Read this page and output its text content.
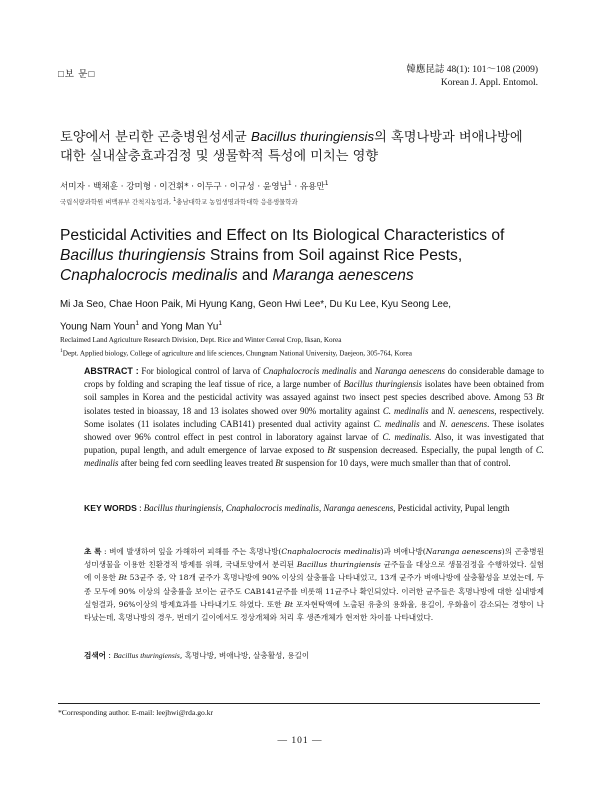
□보 문□	韓應昆誌 48(1): 101～108 (2009)
Korean J. Appl. Entomol.
토양에서 분리한 곤충병원성세균 Bacillus thuringiensis의 혹명나방과 벼애나방에
대한 실내살충효과검정 및 생물학적 특성에 미치는 영향
서미자 · 백채훈 · 강미형 · 이건휘* · 이두구 · 이규성 · 윤영남$^1$ · 유용만$^1$
국립식량과학원 벼맥류부 간척지농업과, $^1$충남대학교 농업생명과학대학 응용생물학과
Pesticidal Activities and Effect on Its Biological Characteristics of
Bacillus thuringiensis Strains from Soil against Rice Pests,
Cnaphalocrocis medinalis and Maranga aenescens
Mi Ja Seo, Chae Hoon Paik, Mi Hyung Kang, Geon Hwi Lee*, Du Ku Lee, Kyu Seong Lee,
Young Nam Youn$^1$ and Yong Man Yu$^1$
Reclaimed Land Agriculture Research Division, Dept. Rice and Winter Cereal Crop, Iksan, Korea
$^1$Dept. Applied biology, College of agriculture and life sciences, Chungnam National University, Daejeon, 305-764, Korea
ABSTRACT : For biological control of larva of Cnaphalocrocis medinalis and Naranga aenescens do considerable damage to crops by folding and scraping the leaf tissue of rice, a large number of Bacillus thuringiensis isolates have been obtained from soil samples in Korea and the pesticidal activity was assayed against two insect pest species described above. Among 53 Bt isolates tested in bioassay, 18 and 13 isolates showed over 90% mortality against C. medinalis and N. aenescens, respectively. Some isolates (11 isolates including CAB141) presented dual activity against C. medinalis and N. aenescens. These isolates showed over 96% control effect in pest control in laboratory against larvae of C. medinalis. Also, it was investigated that pupation, pupal length, and adult emergence of larvae exposed to Bt suspension decreased. Especially, the pupal length of C. medinalis after being fed corn seedling leaves treated Bt suspension for 10 days, were much smaller than that of control.
KEY WORDS : Bacillus thuringiensis, Cnaphalocrocis medinalis, Naranga aenescens, Pesticidal activity, Pupal length
초 록 : 벼에 발생하여 잎을 가해하여 피해를 주는 혹명나방(Cnaphalocrocis medinalis)과 벼애나방(Naranga aenescens)의 곤충병원성미생물을 이용한 친환경적 방제를 위해, 국내토양에서 분리된 Bacillus thuringiensis 균주들을 대상으로 생물검정을 수행하였다. 실험에 이용한 Bt 53균주 중, 약 18개 균주가 혹명나방에 90% 이상의 살충률을 나타내었고, 13개 균주가 벼애나방에 살충활성을 보였는데, 두 종 모두에 90% 이상의 살충률을 보이는 균주도 CAB141균주를 비롯해 11균주나 확인되었다. 이러한 균주들은 혹명나방에 대한 실내방제실험결과, 96%이상의 방제효과를 나타내기도 하였다. 또한 Bt 포자현탁액에 노출된 유충의 용화율, 용길이, 우화율이 감소되는 경향이 나타났는데, 혹명나방의 경우, 번데기 길이에서도 정상개체와 처리 후 생존개체가 현저한 차이를 나타내었다.
검색어 : Bacillus thuringiensis, 혹명나방, 벼애나방, 살충활성, 용길이
*Corresponding author. E-mail: leejhwi@rda.go.kr
— 101 —
